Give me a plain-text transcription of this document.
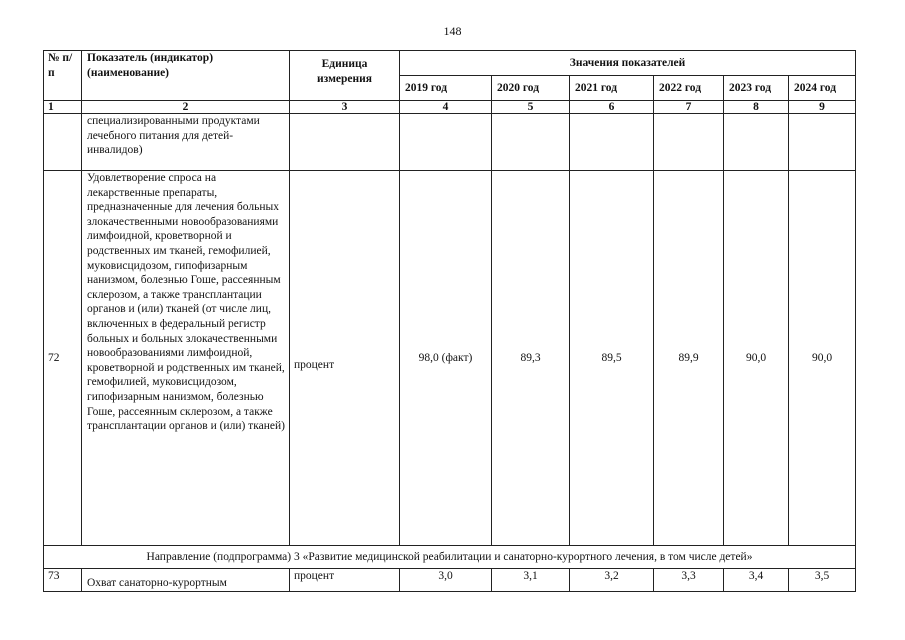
148
№ п/п	Показатель (индикатор) (наименование)	Единица измерения	Значения показателей					
			2019 год	2020 год	2021 год	2022 год	2023 год	2024 год
1	2	3	4	5	6	7	8	9
	специализированными продуктами лечебного питания для детей-инвалидов)							
72	Удовлетворение спроса на лекарственные препараты, предназначенные для лечения больных злокачественными новообразованиями лимфоидной, кроветворной и родственных им тканей, гемофилией, муковисцидозом, гипофизарным нанизмом, болезнью Гоше, рассеянным склерозом, а также трансплантации органов и (или) тканей (от числе лиц, включенных в федеральный регистр больных и больных злокачественными новообразованиями лимфоидной, кроветворной и родственных им тканей, гемофилией, муковисцидозом, гипофизарным нанизмом, болезнью Гоше, рассеянным склерозом, а также трансплантации органов и (или) тканей)	процент	98,0 (факт)	89,3	89,5	89,9	90,0	90,0
Направление (подпрограмма) 3 «Развитие медицинской реабилитации и санаторно-курортного лечения, в том числе детей»								
73	Охват санаторно-курортным	процент	3,0	3,1	3,2	3,3	3,4	3,5
